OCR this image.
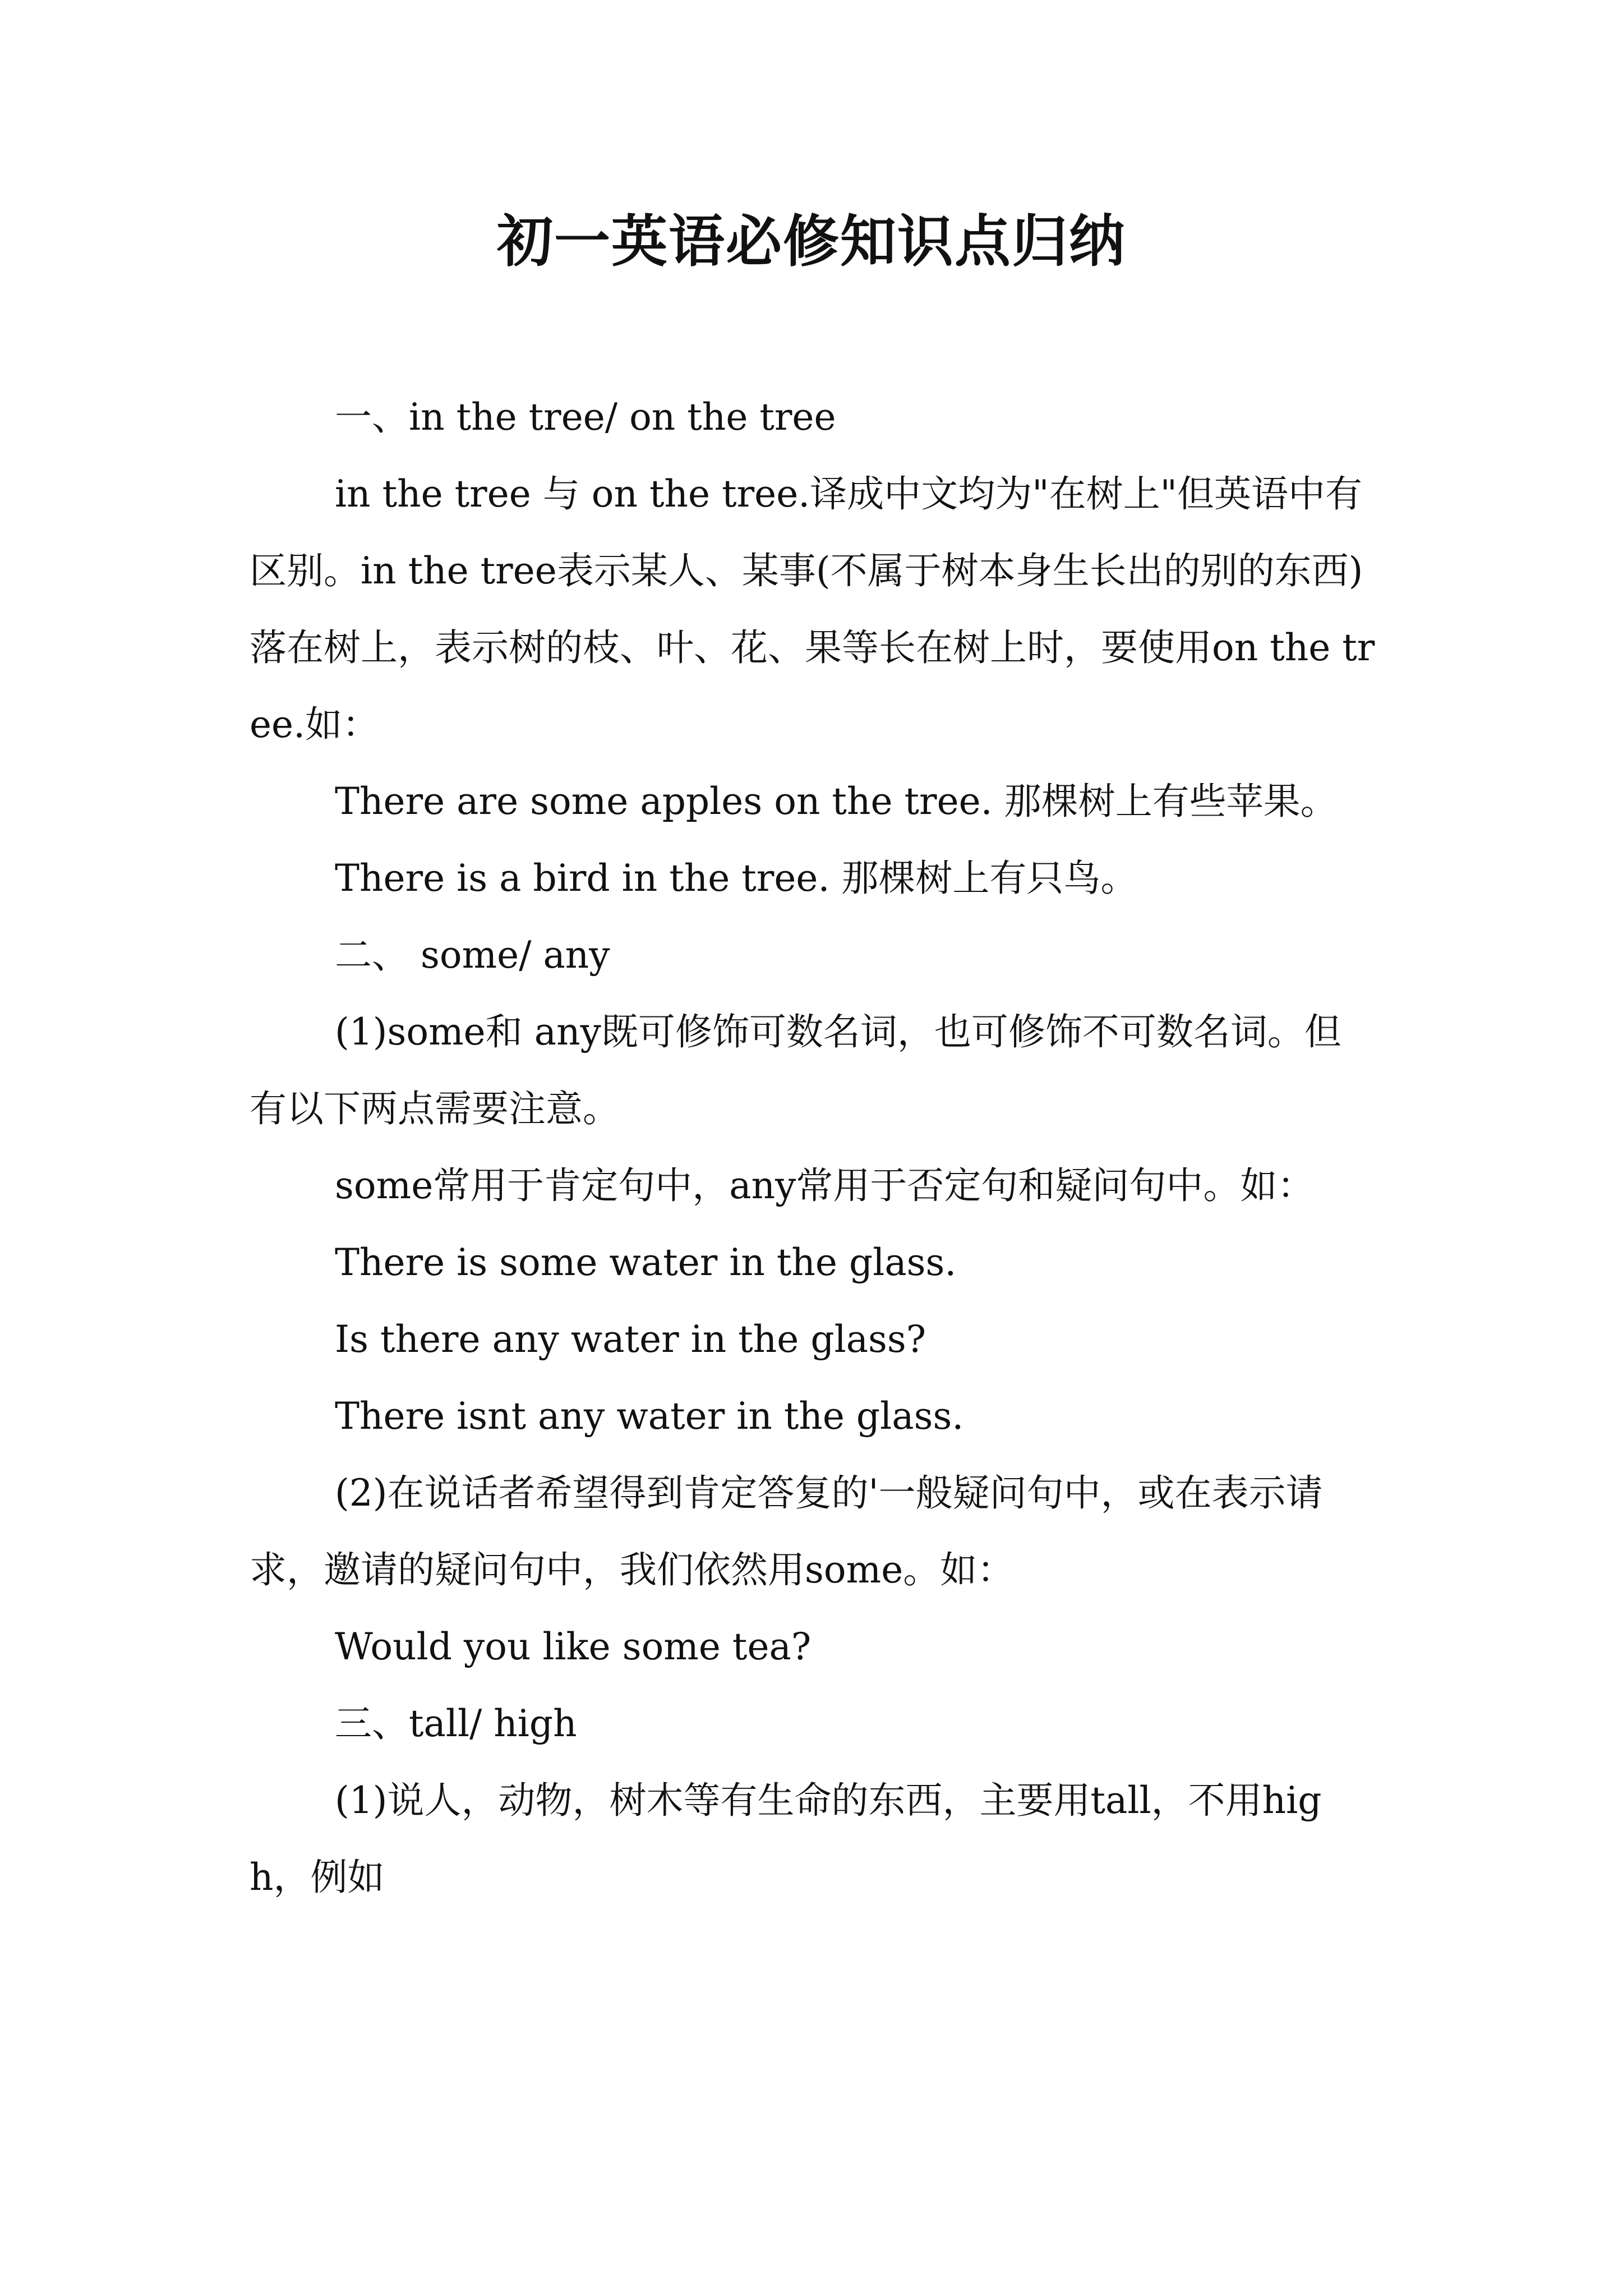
初一英语必修知识点归纳

一、in the tree/ on the tree

in the tree 与 on the tree.译成中文均为"在树上"但英语中有区别。in the tree表示某人、某事(不属于树本身生长出的别的东西)落在树上，表示树的枝、叶、花、果等长在树上时，要使用on the tree.如：

There are some apples on the tree. 那棵树上有些苹果。

There is a bird in the tree. 那棵树上有只鸟。

二、 some/ any

(1)some和 any既可修饰可数名词，也可修饰不可数名词。但有以下两点需要注意。

some常用于肯定句中，any常用于否定句和疑问句中。如：

There is some water in the glass.

Is there any water in the glass?

There isnt any water in the glass.

(2)在说话者希望得到肯定答复的'一般疑问句中，或在表示请求，邀请的疑问句中，我们依然用some。如：

Would you like some tea?

三、tall/ high

(1)说人，动物，树木等有生命的东西，主要用tall，不用high，例如
